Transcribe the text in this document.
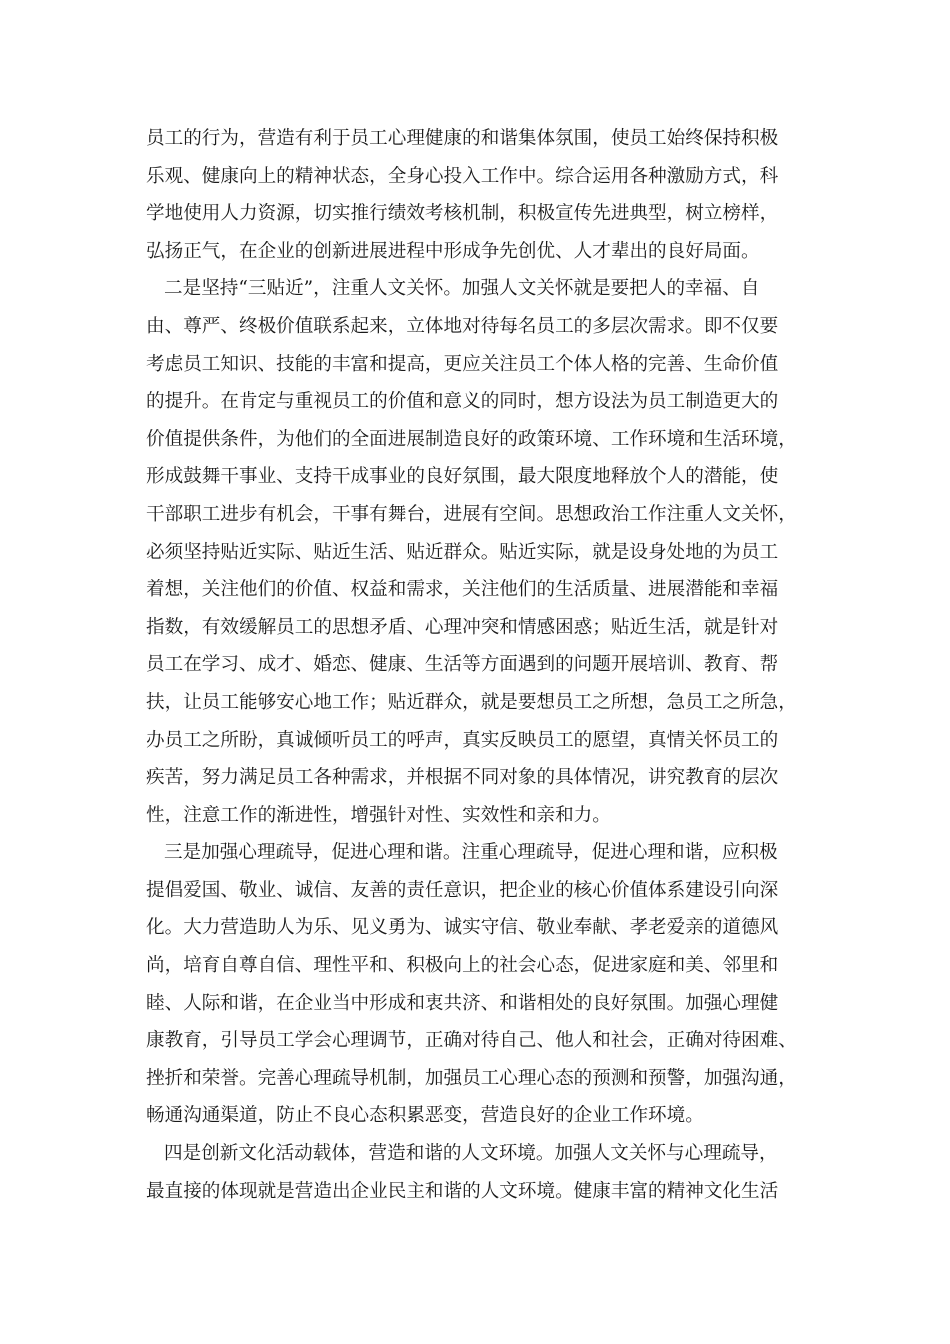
员工的行为，营造有利于员工心理健康的和谐集体氛围，使员工始终保持积极
乐观、健康向上的精神状态，全身心投入工作中。综合运用各种激励方式，科
学地使用人力资源，切实推行绩效考核机制，积极宣传先进典型，树立榜样，
弘扬正气，在企业的创新进展进程中形成争先创优、人才辈出的良好局面。
二是坚持“三贴近”，注重人文关怀。加强人文关怀就是要把人的幸福、自
由、尊严、终极价值联系起来，立体地对待每名员工的多层次需求。即不仅要
考虑员工知识、技能的丰富和提高，更应关注员工个体人格的完善、生命价值
的提升。在肯定与重视员工的价值和意义的同时，想方设法为员工制造更大的
价值提供条件，为他们的全面进展制造良好的政策环境、工作环境和生活环境，
形成鼓舞干事业、支持干成事业的良好氛围，最大限度地释放个人的潜能，使
干部职工进步有机会，干事有舞台，进展有空间。思想政治工作注重人文关怀，
必须坚持贴近实际、贴近生活、贴近群众。贴近实际，就是设身处地的为员工
着想，关注他们的价值、权益和需求，关注他们的生活质量、进展潜能和幸福
指数，有效缓解员工的思想矛盾、心理冲突和情感困惑；贴近生活，就是针对
员工在学习、成才、婚恋、健康、生活等方面遇到的问题开展培训、教育、帮
扶，让员工能够安心地工作；贴近群众，就是要想员工之所想，急员工之所急，
办员工之所盼，真诚倾听员工的呼声，真实反映员工的愿望，真情关怀员工的
疾苦，努力满足员工各种需求，并根据不同对象的具体情况，讲究教育的层次
性，注意工作的渐进性，增强针对性、实效性和亲和力。
三是加强心理疏导，促进心理和谐。注重心理疏导，促进心理和谐，应积极
提倡爱国、敬业、诚信、友善的责任意识，把企业的核心价值体系建设引向深
化。大力营造助人为乐、见义勇为、诚实守信、敬业奉献、孝老爱亲的道德风
尚，培育自尊自信、理性平和、积极向上的社会心态，促进家庭和美、邻里和
睦、人际和谐，在企业当中形成和衷共济、和谐相处的良好氛围。加强心理健
康教育，引导员工学会心理调节，正确对待自己、他人和社会，正确对待困难、
挫折和荣誉。完善心理疏导机制，加强员工心理心态的预测和预警，加强沟通，
畅通沟通渠道，防止不良心态积累恶变，营造良好的企业工作环境。
四是创新文化活动载体，营造和谐的人文环境。加强人文关怀与心理疏导，
最直接的体现就是营造出企业民主和谐的人文环境。健康丰富的精神文化生活
